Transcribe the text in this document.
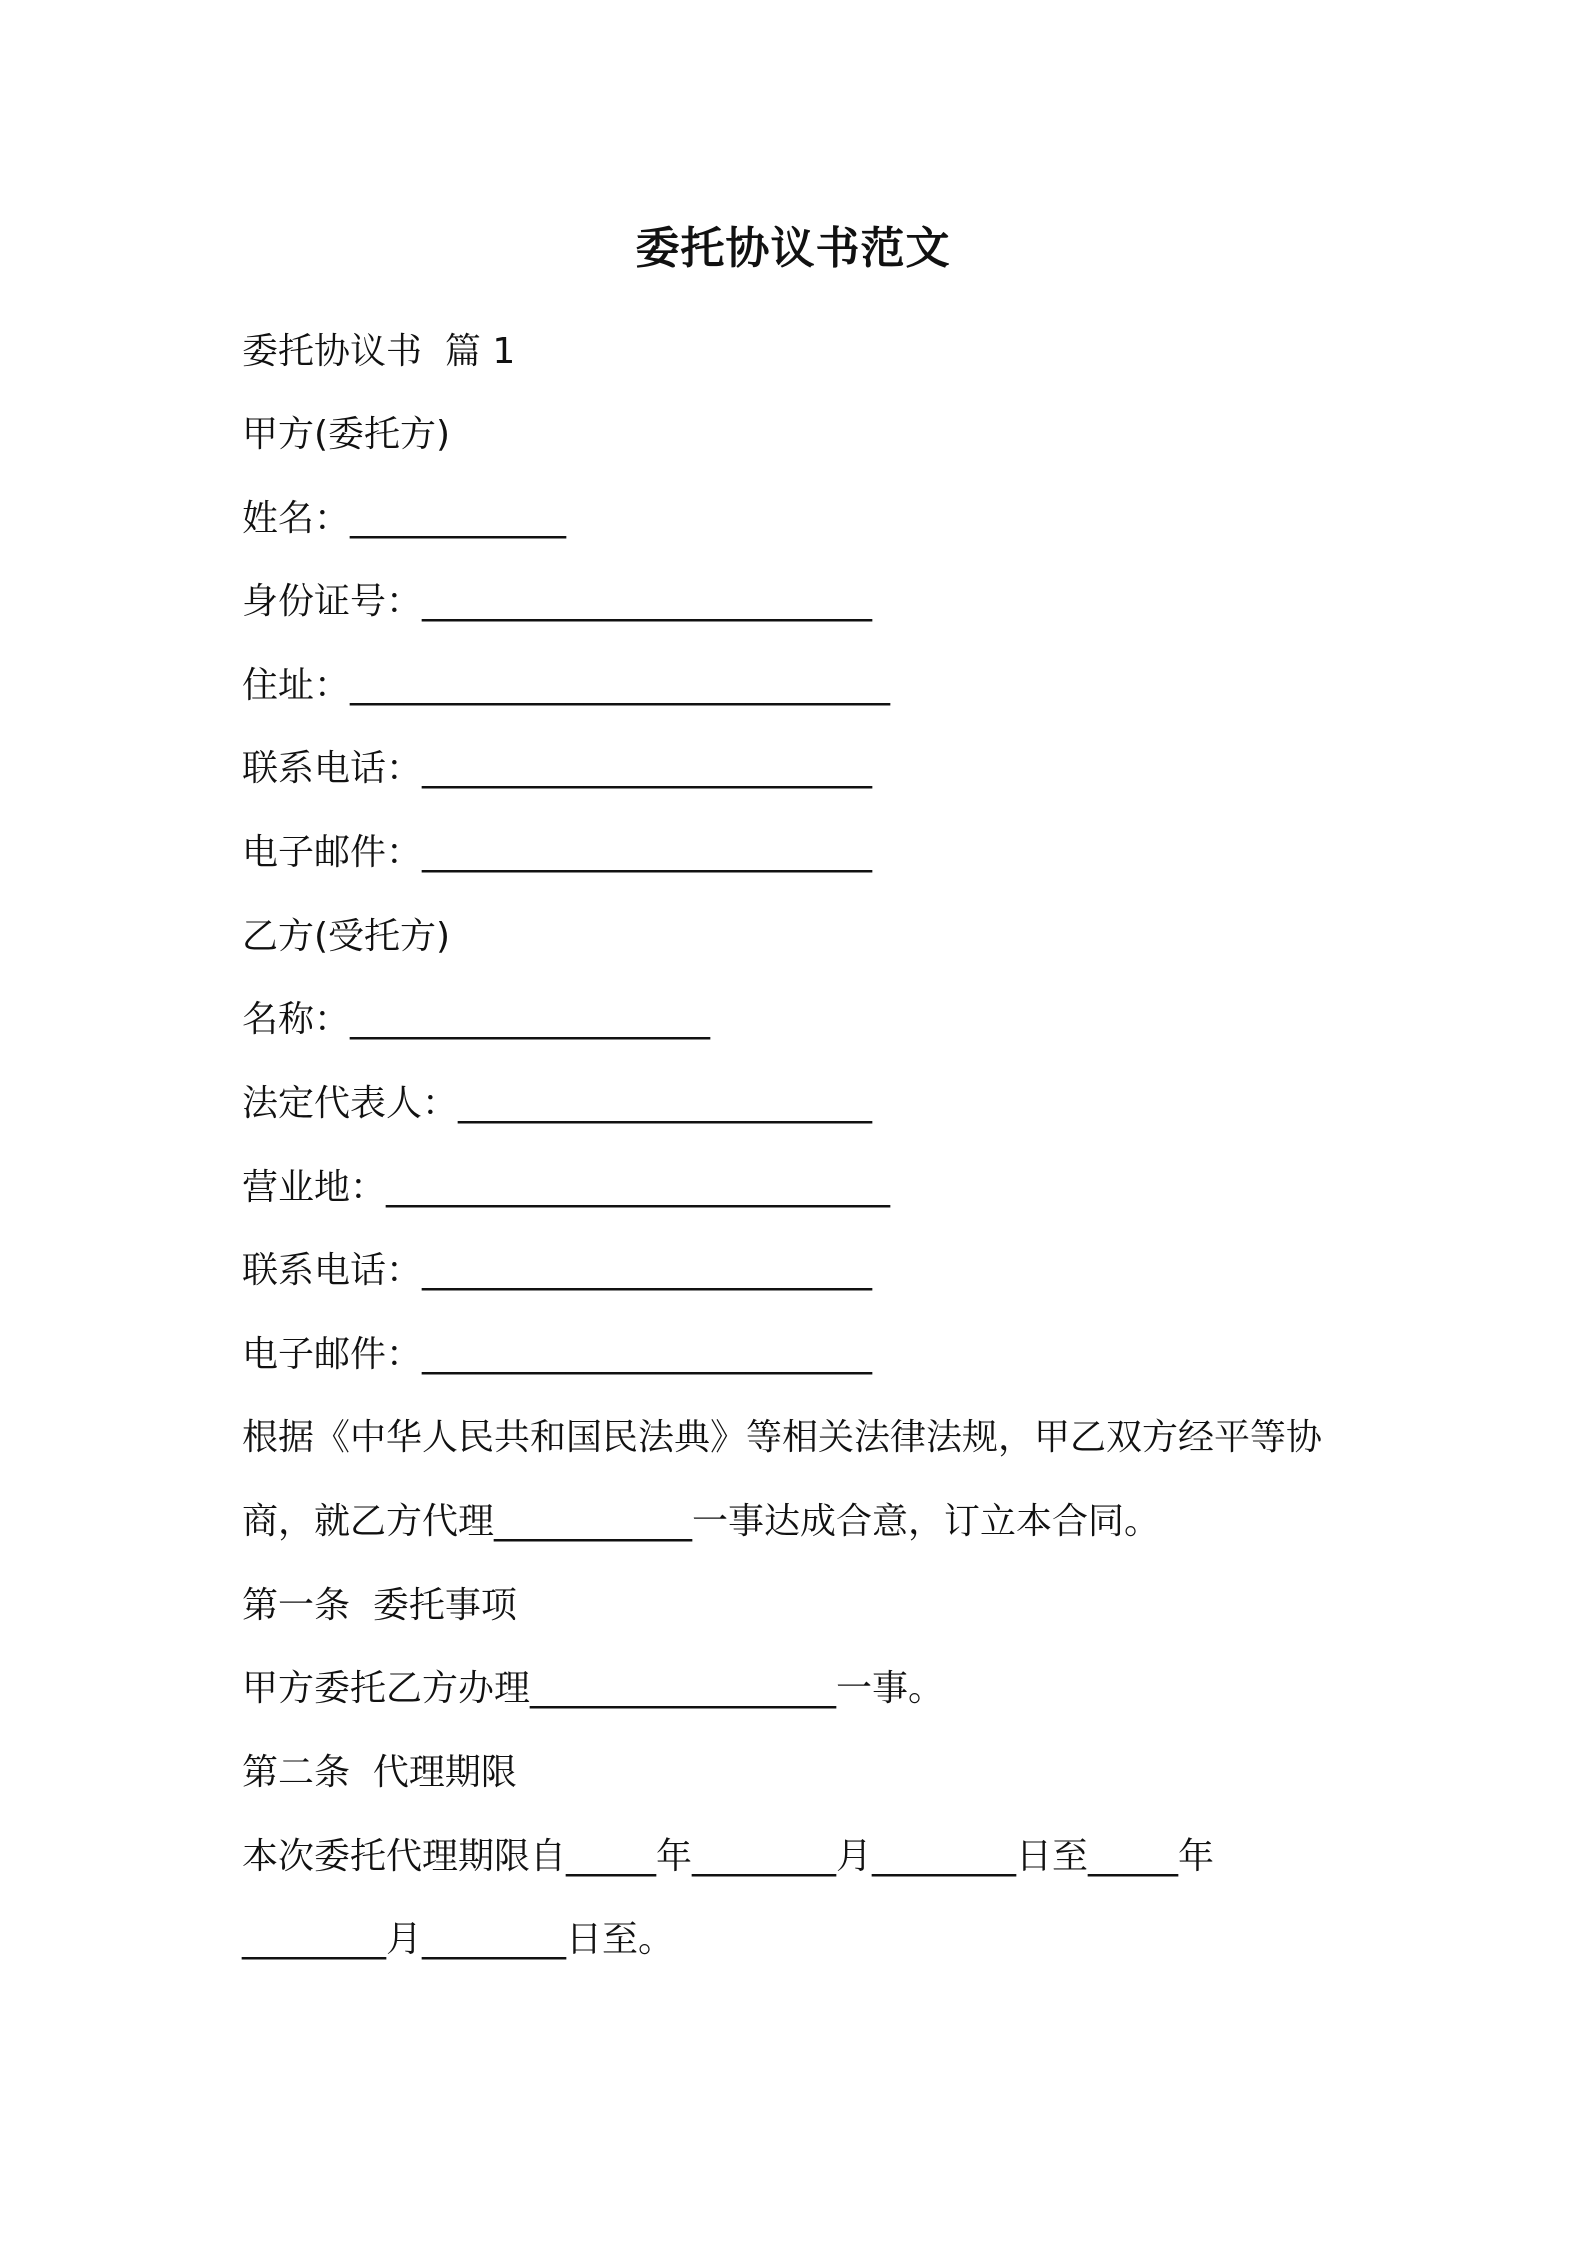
委托协议书范文
委托协议书  篇 1
甲方(委托方)
姓名：____________
身份证号：_________________________
住址：______________________________
联系电话：_________________________
电子邮件：_________________________
乙方(受托方)
名称：____________________
法定代表人：_______________________
营业地：____________________________
联系电话：_________________________
电子邮件：_________________________
根据《中华人民共和国民法典》等相关法律法规，甲乙双方经平等协
商，就乙方代理___________一事达成合意，订立本合同。
第一条  委托事项
甲方委托乙方办理_________________一事。
第二条  代理期限
本次委托代理期限自_____年________月________日至_____年
________月________日至。
